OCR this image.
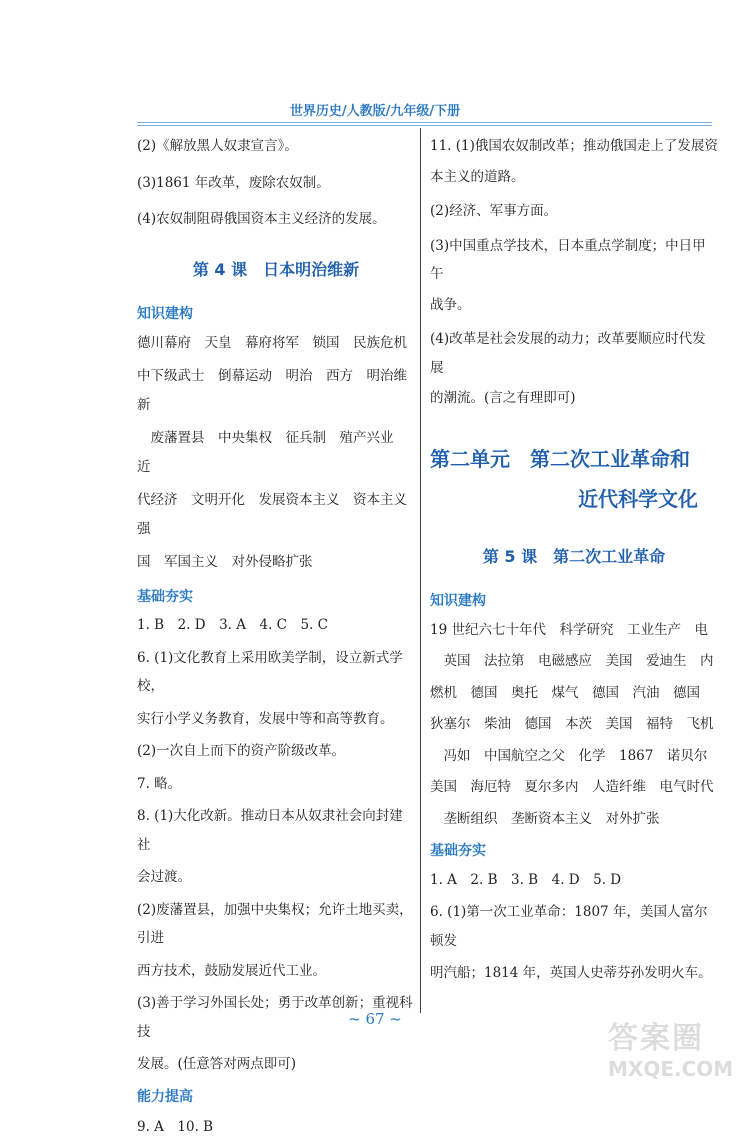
世界历史/人教版/九年级/下册

(2)《解放黑人奴隶宣言》。

(3)1861 年改革，废除农奴制。

(4)农奴制阻碍俄国资本主义经济的发展。

第 4 课　日本明治维新

知识建构

德川幕府　天皇　幕府将军　锁国　民族危机

中下级武士　倒幕运动　明治　西方　明治维新

　废藩置县　中央集权　征兵制　殖产兴业　近

代经济　文明开化　发展资本主义　资本主义强

国　军国主义　对外侵略扩张

基础夯实

1. B　2. D　3. A　4. C　5. C

6. (1)文化教育上采用欧美学制，设立新式学校，

实行小学义务教育，发展中等和高等教育。

(2)一次自上而下的资产阶级改革。

7. 略。

8. (1)大化改新。推动日本从奴隶社会向封建社

会过渡。

(2)废藩置县，加强中央集权；允许土地买卖，引进

西方技术，鼓励发展近代工业。

(3)善于学习外国长处；勇于改革创新；重视科技

发展。(任意答对两点即可)

能力提高

9. A　10. B

11. (1)俄国农奴制改革；推动俄国走上了发展资

本主义的道路。

(2)经济、军事方面。

(3)中国重点学技术，日本重点学制度；中日甲午

战争。

(4)改革是社会发展的动力；改革要顺应时代发展

的潮流。(言之有理即可)

第二单元　第二次工业革命和

近代科学文化

第 5 课　第二次工业革命

知识建构

19 世纪六七十年代　科学研究　工业生产　电

　英国　法拉第　电磁感应　美国　爱迪生　内

燃机　德国　奥托　煤气　德国　汽油　德国

狄塞尔　柴油　德国　本茨　美国　福特　飞机

　冯如　中国航空之父　化学　1867　诺贝尔

美国　海厄特　夏尔多内　人造纤维　电气时代

　垄断组织　垄断资本主义　对外扩张

基础夯实

1. A　2. B　3. B　4. D　5. D

6. (1)第一次工业革命：1807 年，美国人富尔顿发

明汽船；1814 年，英国人史蒂芬孙发明火车。

~ 67 ~
答案圈
MXQE.COM
